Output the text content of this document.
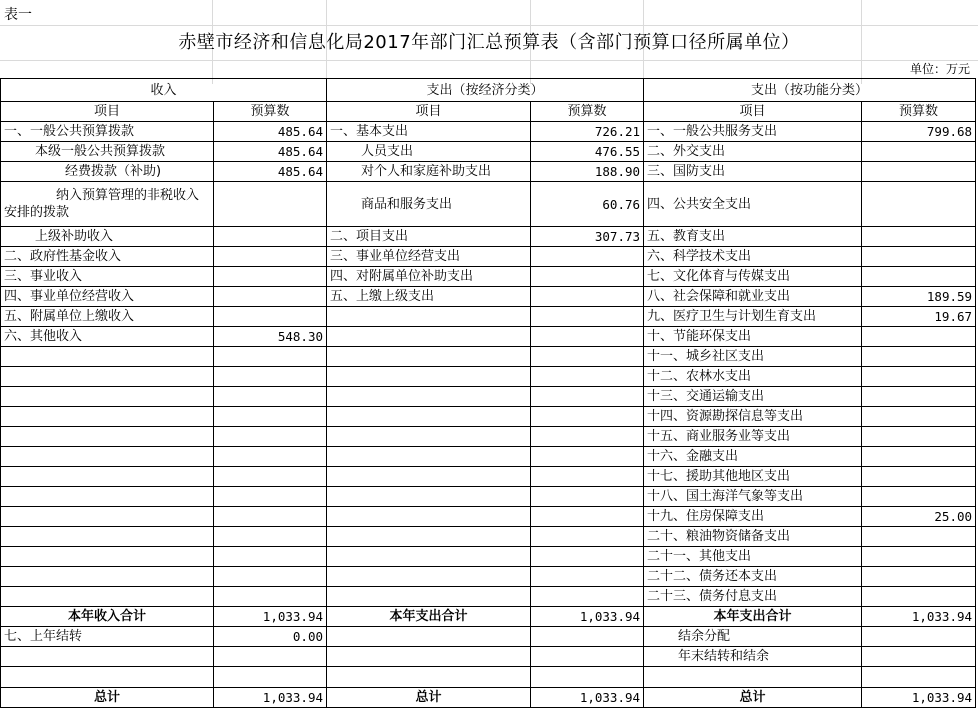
表一
赤壁市经济和信息化局2017年部门汇总预算表（含部门预算口径所属单位）
单位：万元
收入		支出（按经济分类）		支出（按功能分类）	
项目	预算数	项目	预算数	项目	预算数
一、一般公共预算拨款	485.64	一、基本支出	726.21	一、一般公共服务支出	799.68
本级一般公共预算拨款	485.64	人员支出	476.55	二、外交支出	
经费拨款（补助)	485.64	对个人和家庭补助支出	188.90	三、国防支出	

纳入预算管理的非税收入安排的拨款		商品和服务支出	60.76	四、公共安全支出	
上级补助收入		二、项目支出	307.73	五、教育支出	
二、政府性基金收入		三、事业单位经营支出		六、科学技术支出	
三、事业收入		四、对附属单位补助支出		七、文化体育与传媒支出	
四、事业单位经营收入		五、上缴上级支出		八、社会保障和就业支出	189.59
五、附属单位上缴收入				九、医疗卫生与计划生育支出	19.67
六、其他收入	548.30			十、节能环保支出	
				十一、城乡社区支出	
				十二、农林水支出	
				十三、交通运输支出	
				十四、资源勘探信息等支出	
				十五、商业服务业等支出	
				十六、金融支出	
				十七、援助其他地区支出	
				十八、国土海洋气象等支出	
				十九、住房保障支出	25.00
				二十、粮油物资储备支出	
				二十一、其他支出	
				二十二、债务还本支出	
				二十三、债务付息支出	
本年收入合计	1,033.94	本年支出合计	1,033.94	本年支出合计	1,033.94
七、上年结转	0.00			结余分配	
				年末结转和结余	

总计	1,033.94	总计	1,033.94	总计	1,033.94
